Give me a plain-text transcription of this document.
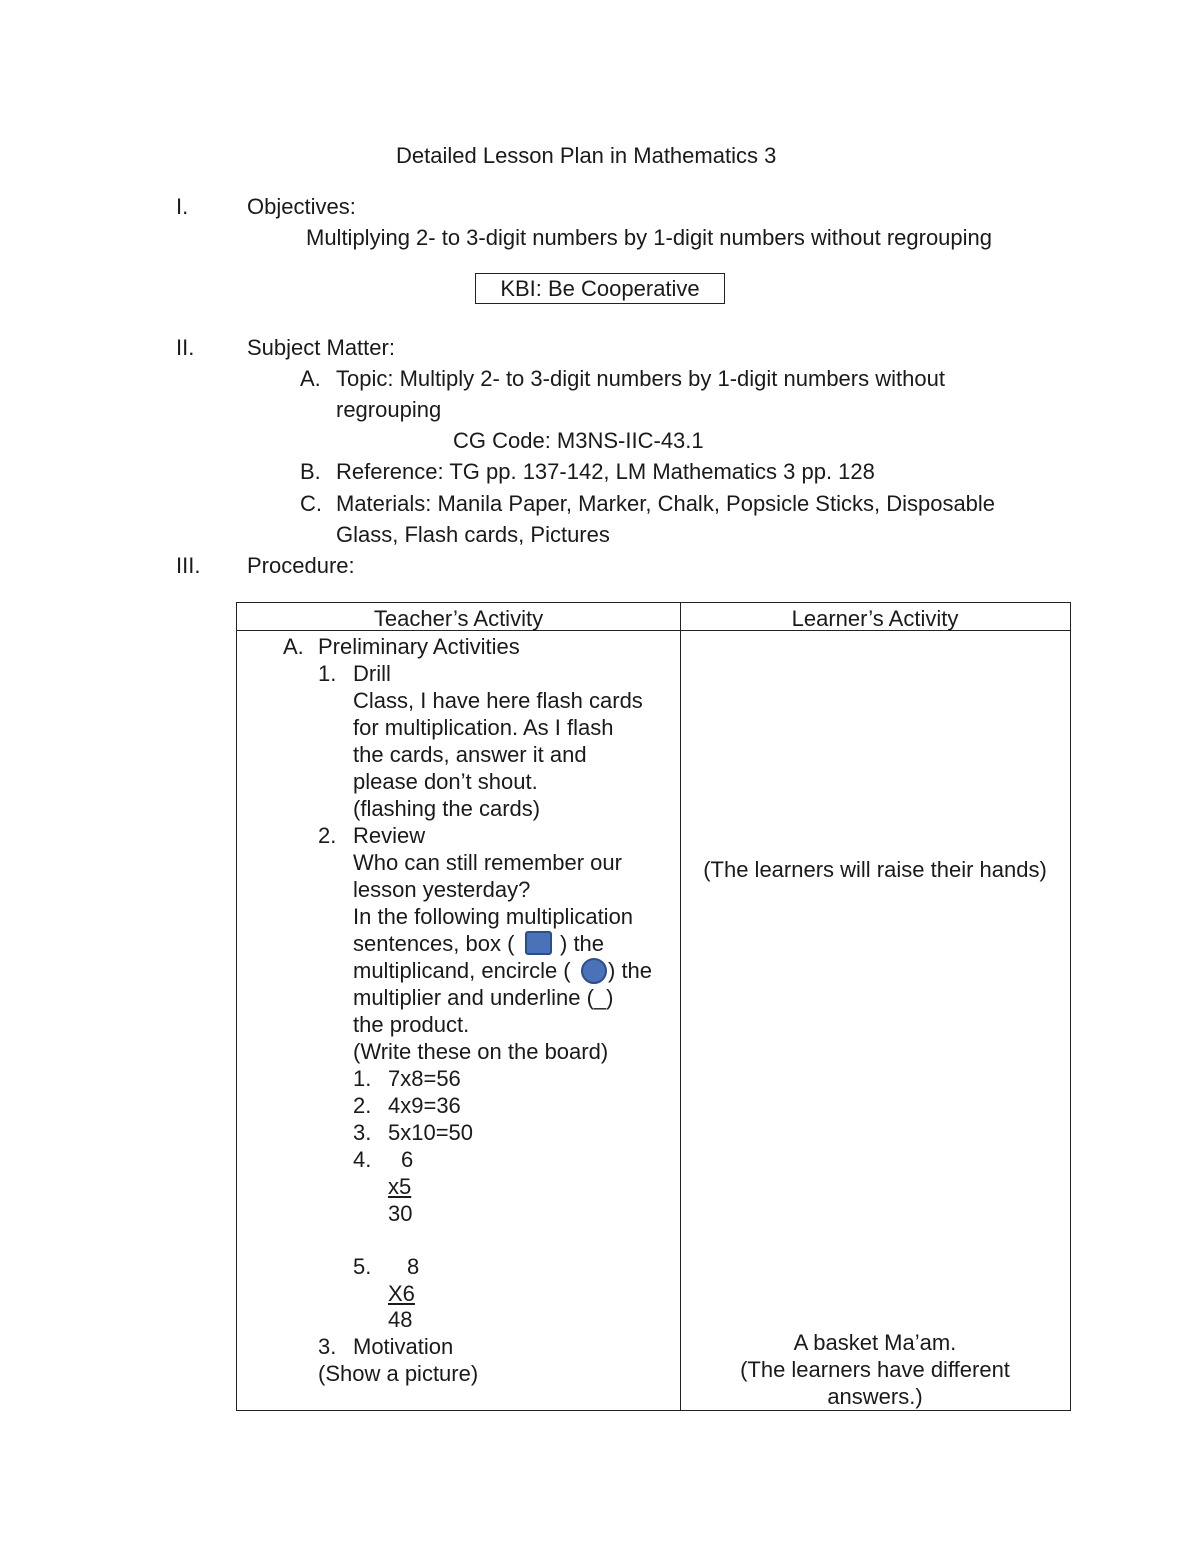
Detailed Lesson Plan in Mathematics 3
I.	Objectives:
Multiplying 2- to 3-digit numbers by 1-digit numbers without regrouping
KBI: Be Cooperative
II. Subject Matter:
A. Topic: Multiply 2- to 3-digit numbers by 1-digit numbers without
regrouping
CG Code: M3NS-IIC-43.1
B. Reference: TG pp. 137-142, LM Mathematics 3 pp. 128
C. Materials: Manila Paper, Marker, Chalk, Popsicle Sticks, Disposable
Glass, Flash cards, Pictures
III. Procedure:
Teacher’s Activity	Learner’s Activity
A. Preliminary Activities
1. Drill
Class, I have here flash cards
for multiplication. As I flash
the cards, answer it and
please don’t shout.
(flashing the cards)
2. Review
Who can still remember our
lesson yesterday?
In the following multiplication
sentences, box ( ) the
multiplicand, encircle ( ) the
multiplier and underline (_)
the product.
(Write these on the board)
1. 7x8=56
2. 4x9=36
3. 5x10=50
4. 6
x5
30
5. 8
X6
48
3. Motivation
(Show a picture)
(The learners will raise their hands)
A basket Ma’am.
(The learners have different
answers.)
